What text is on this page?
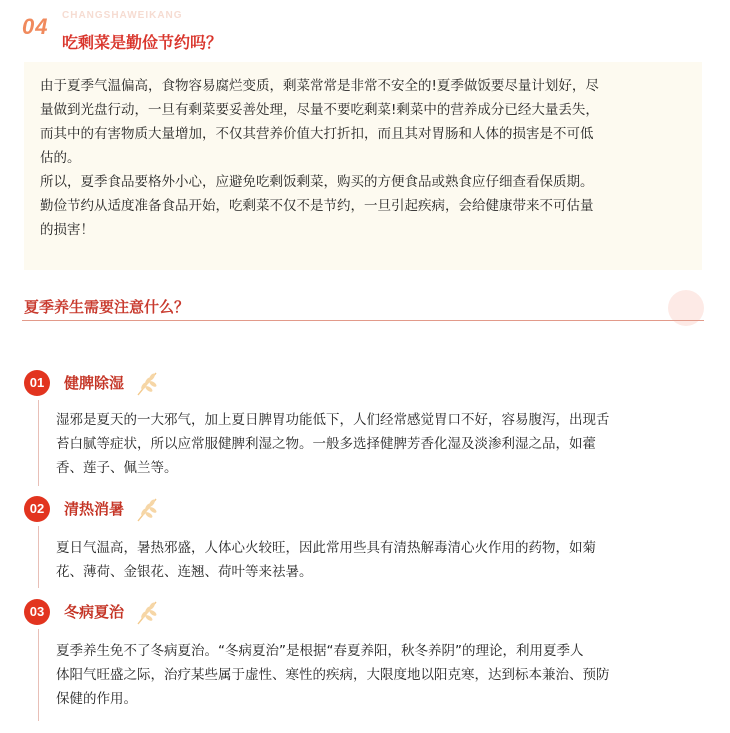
CHANGSHAWEIKANG
04
吃剩菜是勤俭节约吗？

由于夏季气温偏高，食物容易腐烂变质，剩菜常常是非常不安全的!夏季做饭要尽量计划好，尽

量做到光盘行动，一旦有剩菜要妥善处理，尽量不要吃剩菜!剩菜中的营养成分已经大量丢失，

而其中的有害物质大量增加，不仅其营养价值大打折扣，而且其对胃肠和人体的损害是不可低

估的。

所以，夏季食品要格外小心，应避免吃剩饭剩菜，购买的方便食品或熟食应仔细查看保质期。

勤俭节约从适度准备食品开始，吃剩菜不仅不是节约，一旦引起疾病，会给健康带来不可估量

的损害！

夏季养生需要注意什么？
01	健脾除湿

湿邪是夏天的一大邪气，加上夏日脾胃功能低下，人们经常感觉胃口不好，容易腹泻，出现舌

苔白腻等症状，所以应常服健脾利湿之物。一般多选择健脾芳香化湿及淡渗利湿之品，如藿

香、莲子、佩兰等。

02	清热消暑

夏日气温高，暑热邪盛，人体心火较旺，因此常用些具有清热解毒清心火作用的药物，如菊

花、薄荷、金银花、连翘、荷叶等来祛暑。

03	冬病夏治

夏季养生免不了冬病夏治。“冬病夏治”是根据“春夏养阳，秋冬养阴”的理论，利用夏季人

体阳气旺盛之际，治疗某些属于虚性、寒性的疾病，大限度地以阳克寒，达到标本兼治、预防

保健的作用。
